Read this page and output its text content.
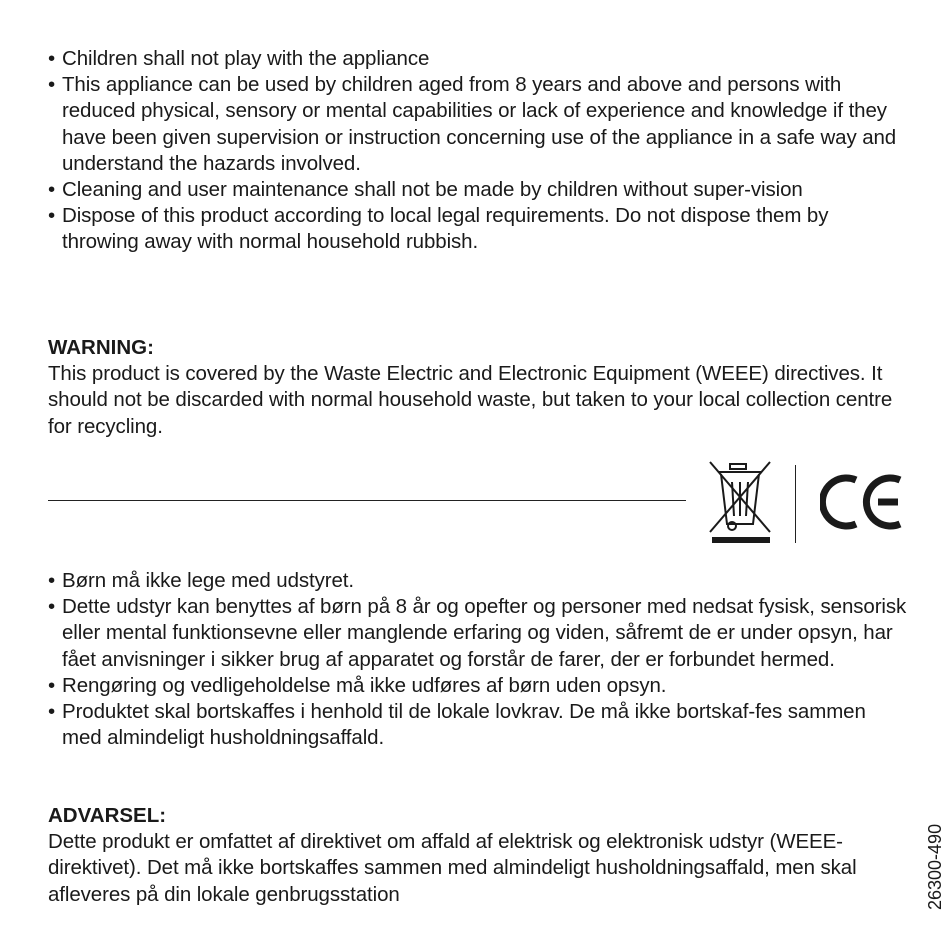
• Children shall not play with the appliance
• This appliance can be used by children aged from 8 years and above and persons with reduced physical, sensory or mental capabilities or lack of experience and knowledge if they have been given supervision or instruction concerning use of the appliance in a safe way and understand the hazards involved.
• Cleaning and user maintenance shall not be made by children without super-vision
• Dispose of this product according to local legal requirements. Do not dispose them by throwing away with normal household rubbish.
WARNING:
This product is covered by the Waste Electric and Electronic Equipment (WEEE) directives. It should not be discarded with normal household waste, but taken to your local collection centre for recycling.
• Børn må ikke lege med udstyret.
• Dette udstyr kan benyttes af børn på 8 år og opefter og personer med nedsat fysisk, sensorisk eller mental funktionsevne eller manglende erfaring og viden, såfremt de er under opsyn, har fået anvisninger i sikker brug af apparatet og forstår de farer, der er forbundet hermed.
• Rengøring og vedligeholdelse må ikke udføres af børn uden opsyn.
• Produktet skal bortskaffes i henhold til de lokale lovkrav. De må ikke bortskaf-fes sammen med almindeligt husholdningsaffald.
ADVARSEL:
Dette produkt er omfattet af direktivet om affald af elektrisk og elektronisk udstyr (WEEE-direktivet). Det må ikke bortskaffes sammen med almindeligt husholdningsaffald, men skal afleveres på din lokale genbrugsstation	26300-490
